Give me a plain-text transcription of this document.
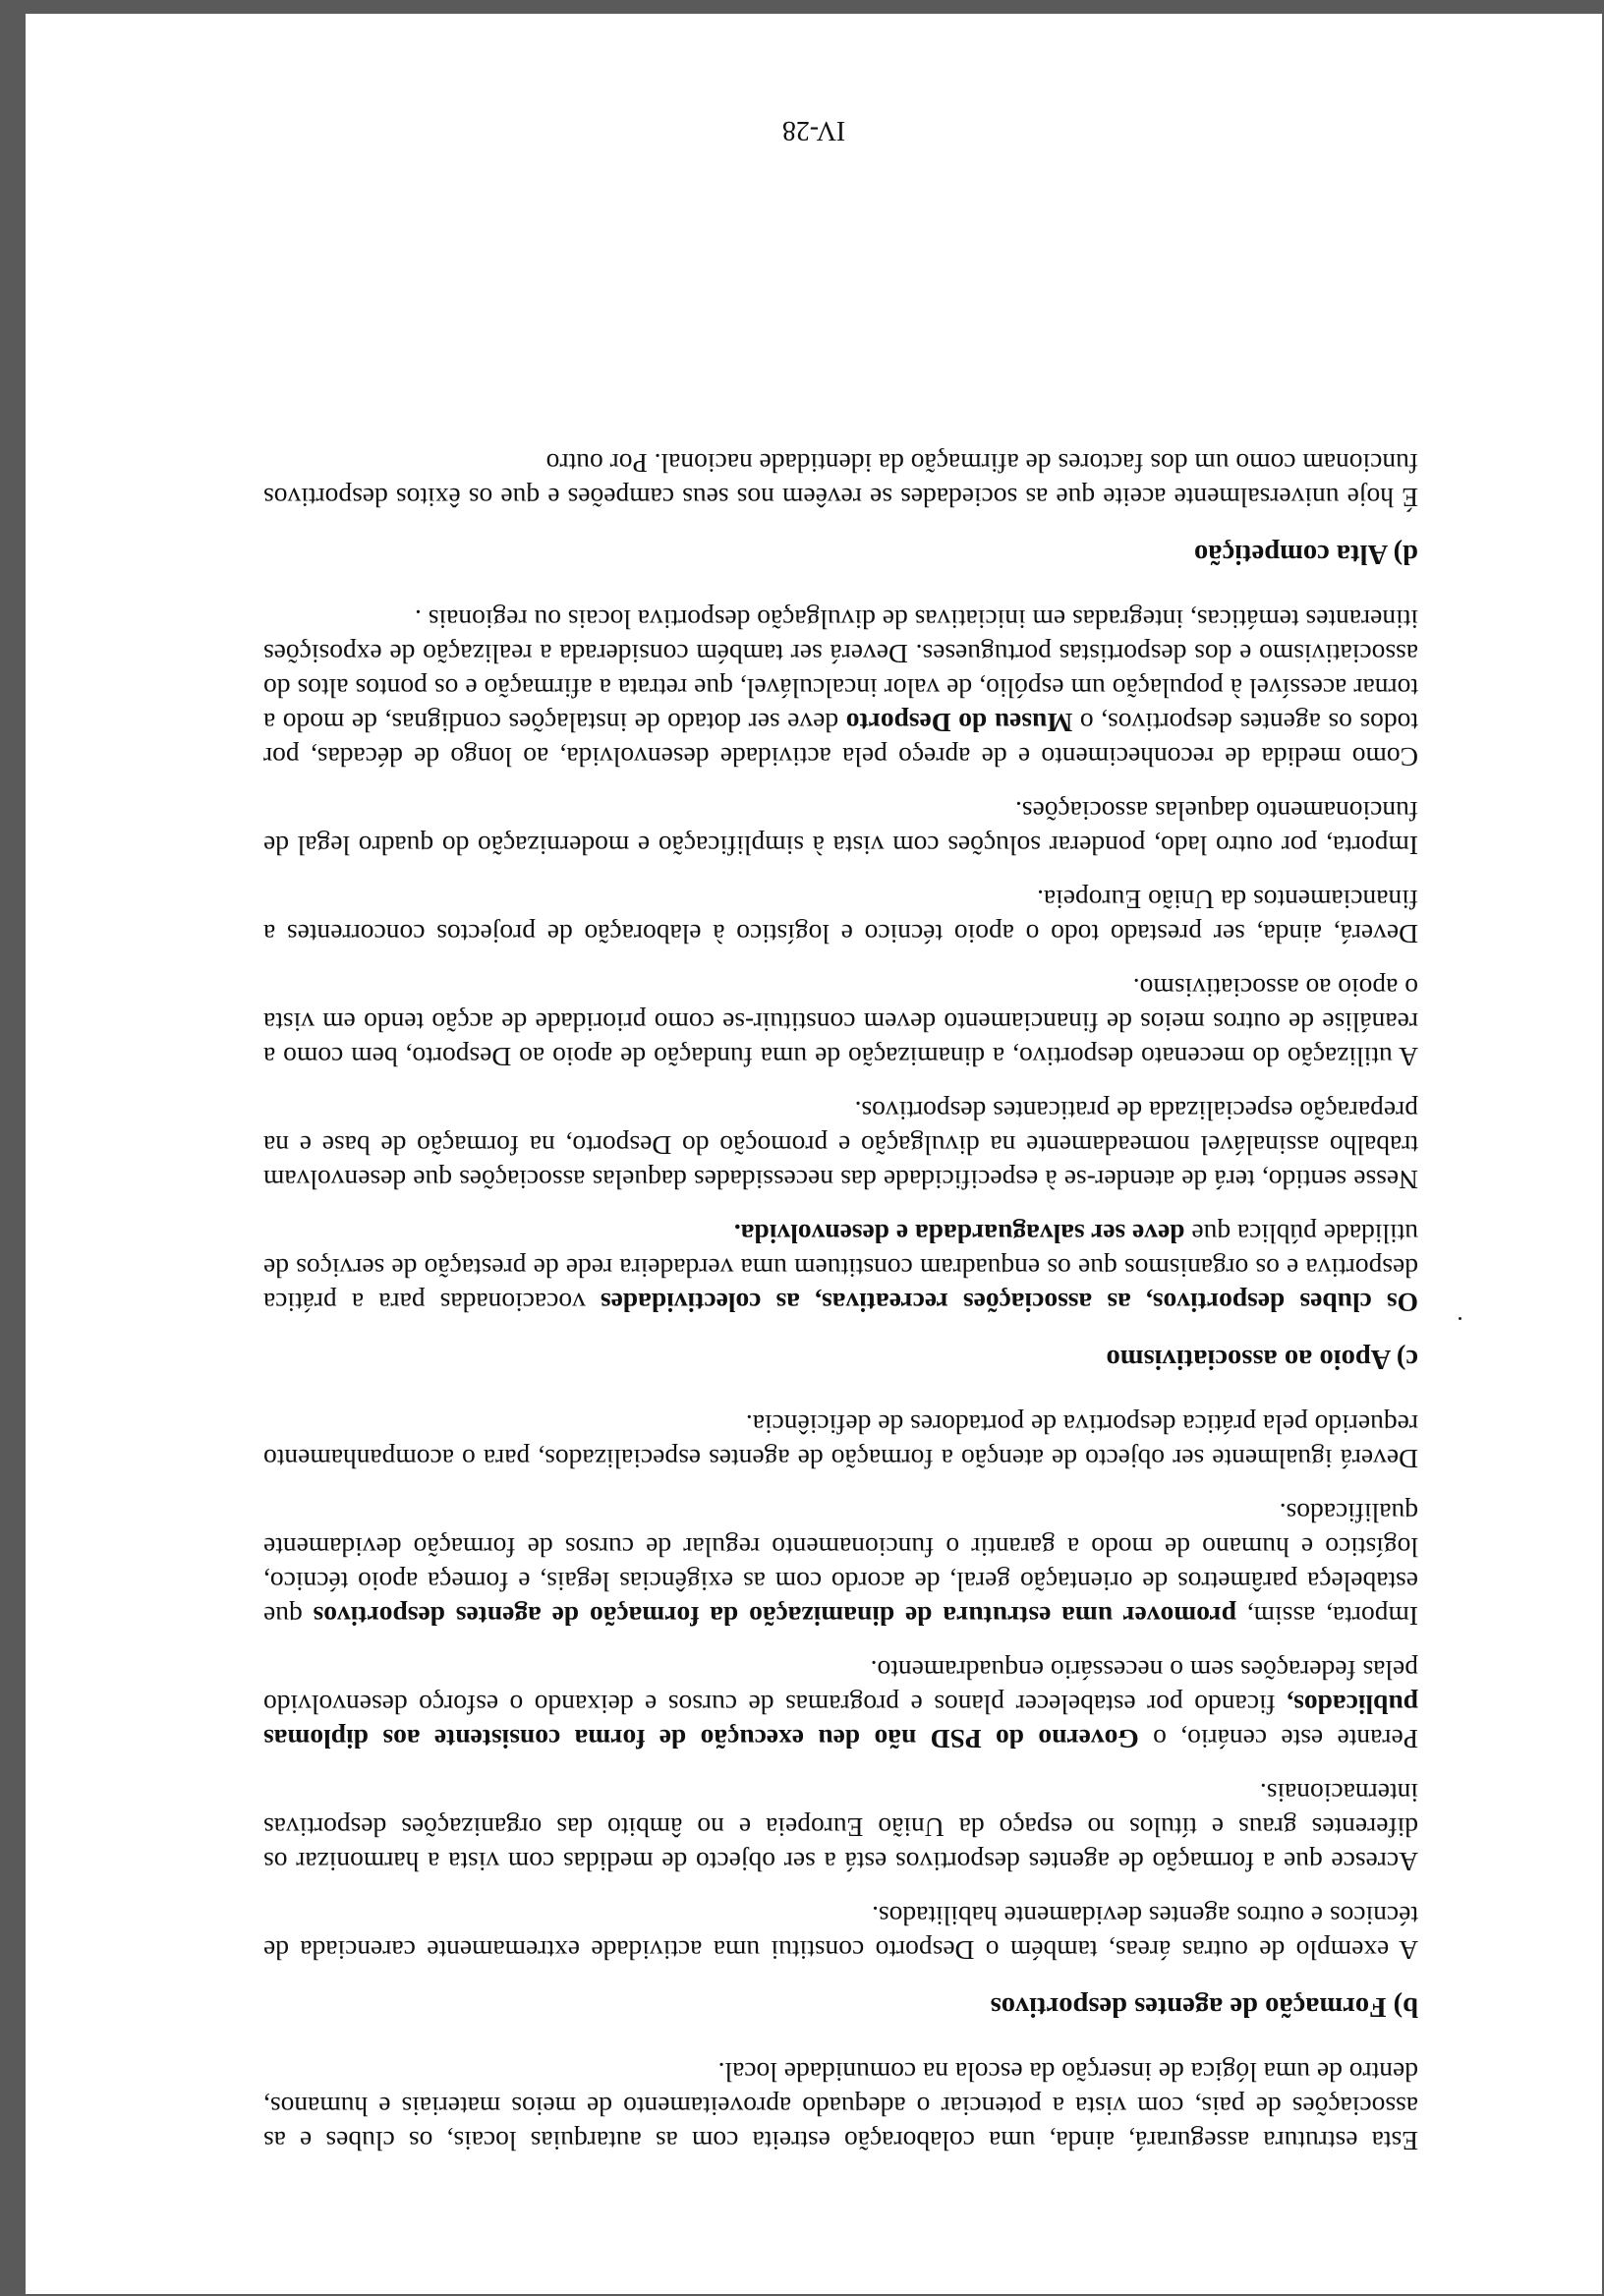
Esta estrutura assegurará, ainda, uma colaboração estreita com as autarquias locais, os clubes e as associações de pais, com vista a potenciar o adequado aproveitamento de meios materiais e humanos, dentro de uma lógica de inserção da escola na comunidade local.

b) Formação de agentes desportivos

A exemplo de outras áreas, também o Desporto constitui uma actividade extremamente carenciada de técnicos e outros agentes devidamente habilitados.

Acresce que a formação de agentes desportivos está a ser objecto de medidas com vista a harmonizar os diferentes graus e títulos no espaço da União Europeia e no âmbito das organizações desportivas internacionais.

Perante este cenário, o Governo do PSD não deu execução de forma consistente aos diplomas publicados, ficando por estabelecer planos e programas de cursos e deixando o esforço desenvolvido pelas federações sem o necessário enquadramento.

Importa, assim, promover uma estrutura de dinamização da formação de agentes desportivos que estabeleça parâmetros de orientação geral, de acordo com as exigências legais, e forneça apoio técnico, logístico e humano de modo a garantir o funcionamento regular de cursos de formação devidamente qualificados.

Deverá igualmente ser objecto de atenção a formação de agentes especializados, para o acompanhamento requerido pela prática desportiva de portadores de deficiência.

c) Apoio ao associativismo

Os clubes desportivos, as associações recreativas, as colectividades vocacionadas para a prática desportiva e os organismos que os enquadram constituem uma verdadeira rede de prestação de serviços de utilidade pública que deve ser salvaguardada e desenvolvida.

Nesse sentido, terá de atender-se à especificidade das necessidades daquelas associações que desenvolvam trabalho assinalável nomeadamente na divulgação e promoção do Desporto, na formação de base e na preparação especializada de praticantes desportivos.

A utilização do mecenato desportivo, a dinamização de uma fundação de apoio ao Desporto, bem como a reanálise de outros meios de financiamento devem constituir-se como prioridade de acção tendo em vista o apoio ao associativismo.

Deverá, ainda, ser prestado todo o apoio técnico e logístico à elaboração de projectos concorrentes a financiamentos da União Europeia.

Importa, por outro lado, ponderar soluções com vista à simplificação e modernização do quadro legal de funcionamento daquelas associações.

Como medida de reconhecimento e de apreço pela actividade desenvolvida, ao longo de décadas, por todos os agentes desportivos, o Museu do Desporto deve ser dotado de instalações condignas, de modo a tornar acessível à população um espólio, de valor incalculável, que retrata a afirmação e os pontos altos do associativismo e dos desportistas portugueses. Deverá ser também considerada a realização de exposições itinerantes temáticas, integradas em iniciativas de divulgação desportiva locais ou regionais .

d) Alta competição

É hoje universalmente aceite que as sociedades se revêem nos seus campeões e que os êxitos desportivos funcionam como um dos factores de afirmação da identidade nacional. Por outro

IV-28
